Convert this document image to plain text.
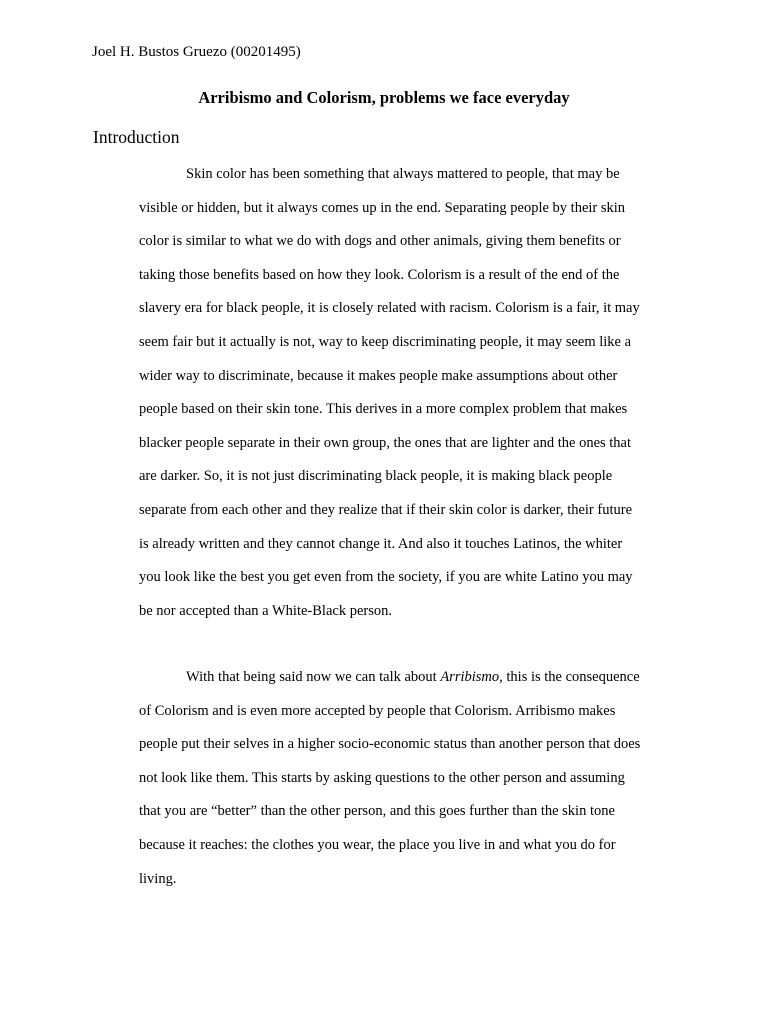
Joel H. Bustos Gruezo (00201495)
Arribismo and Colorism, problems we face everyday
Introduction
Skin color has been something that always mattered to people, that may be
visible or hidden, but it always comes up in the end. Separating people by their skin
color is similar to what we do with dogs and other animals, giving them benefits or
taking those benefits based on how they look. Colorism is a result of the end of the
slavery era for black people, it is closely related with racism. Colorism is a fair, it may
seem fair but it actually is not, way to keep discriminating people, it may seem like a
wider way to discriminate, because it makes people make assumptions about other
people based on their skin tone. This derives in a more complex problem that makes
blacker people separate in their own group, the ones that are lighter and the ones that
are darker. So, it is not just discriminating black people, it is making black people
separate from each other and they realize that if their skin color is darker, their future
is already written and they cannot change it. And also it touches Latinos, the whiter
you look like the best you get even from the society, if you are white Latino you may
be nor accepted than a White-Black person.
With that being said now we can talk about Arribismo, this is the consequence
of Colorism and is even more accepted by people that Colorism. Arribismo makes
people put their selves in a higher socio-economic status than another person that does
not look like them. This starts by asking questions to the other person and assuming
that you are “better” than the other person, and this goes further than the skin tone
because it reaches: the clothes you wear, the place you live in and what you do for
living.
